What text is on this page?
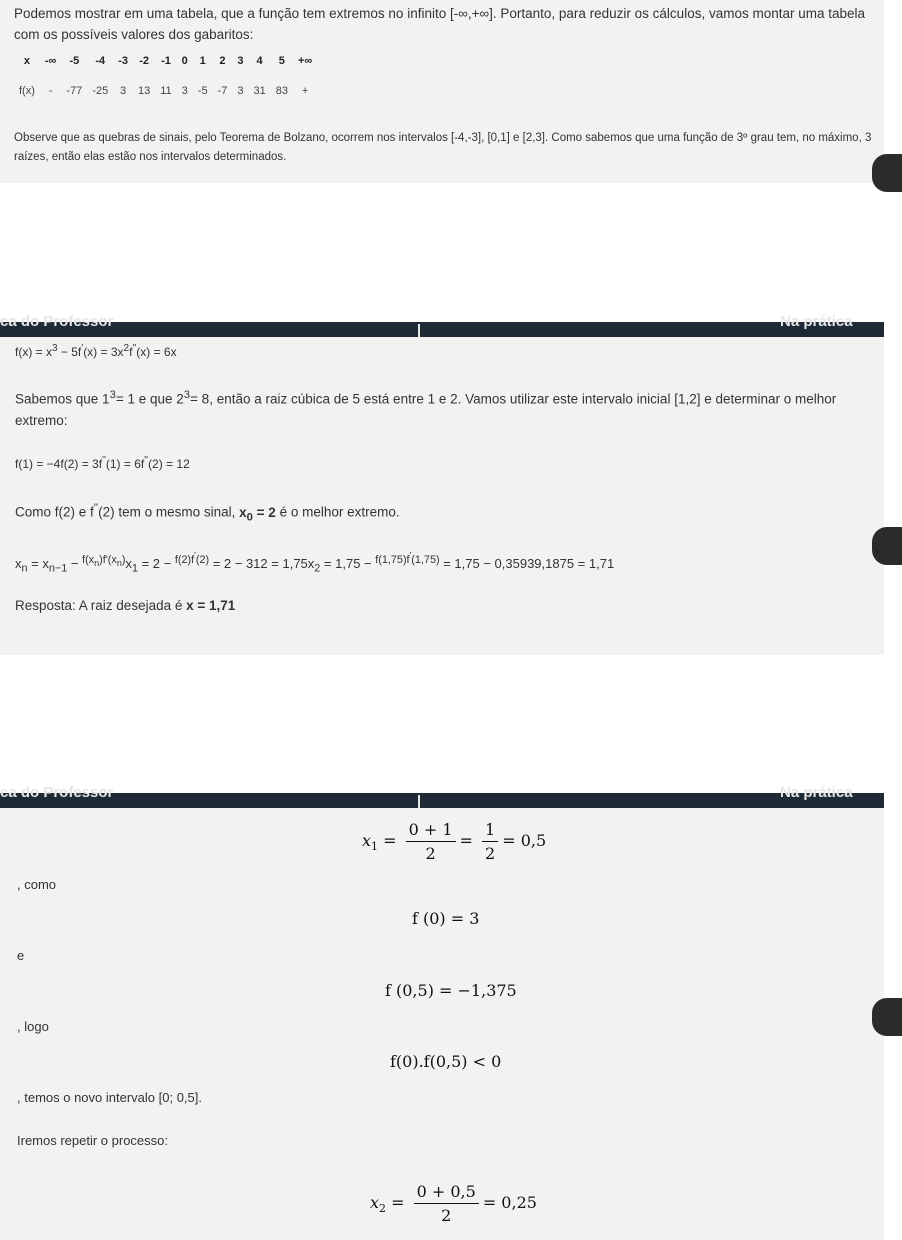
Podemos mostrar em uma tabela, que a função tem extremos no infinito [-∞,+∞]. Portanto, para reduzir os cálculos, vamos montar uma tabela com os possíveis valores dos gabaritos:

x	-∞	-5	-4	-3	-2	-1	0	1	2	3	4	5	+∞

f(x)	-	-77	-25	3	13	11	3	-5	-7	3	31	83	+

Observe que as quebras de sinais, pelo Teorema de Bolzano, ocorrem nos intervalos [-4,-3], [0,1] e [2,3]. Como sabemos que uma função de 3º grau tem, no máximo, 3 raízes, então elas estão nos intervalos determinados.

ca do Professor	Na prática

$f(x) = x^3 - 5f'(x) = 3x^2f''(x) = 6x$

Sabemos que $1^3= 1$ e que $2^3= 8$, então a raiz cúbica de 5 está entre 1 e 2. Vamos utilizar este intervalo inicial [1,2] e determinar o melhor extremo:

f(1) = −4f(2) = 3f''(1) = 6f''(2) = 12

Como f(2) e f''(2) tem o mesmo sinal, $x_0 = 2$ é o melhor extremo.

$x_n = x_{n-1} - ^{f(x_n)f'(x_n)}x_1 = 2 - ^{f(2)f'(2)} = 2 - 312 = 1,75x_2 = 1,75 - ^{f(1,75)f'(1,75)} = 1,75 - 0,35939,1875 = 1,71$

Resposta: A raiz desejada é x = 1,71

ca do Professor	Na prática
$x_1 = \frac{0 + 1}{2} = \frac{1}{2} = 0,5$

, como

f (0) = 3

e

f (0,5) = −1,375

, logo

f(0).f(0,5) < 0

, temos o novo intervalo [0; 0,5].

Iremos repetir o processo:

$x_2 = \frac{0 + 0,5}{2} = 0,25$
